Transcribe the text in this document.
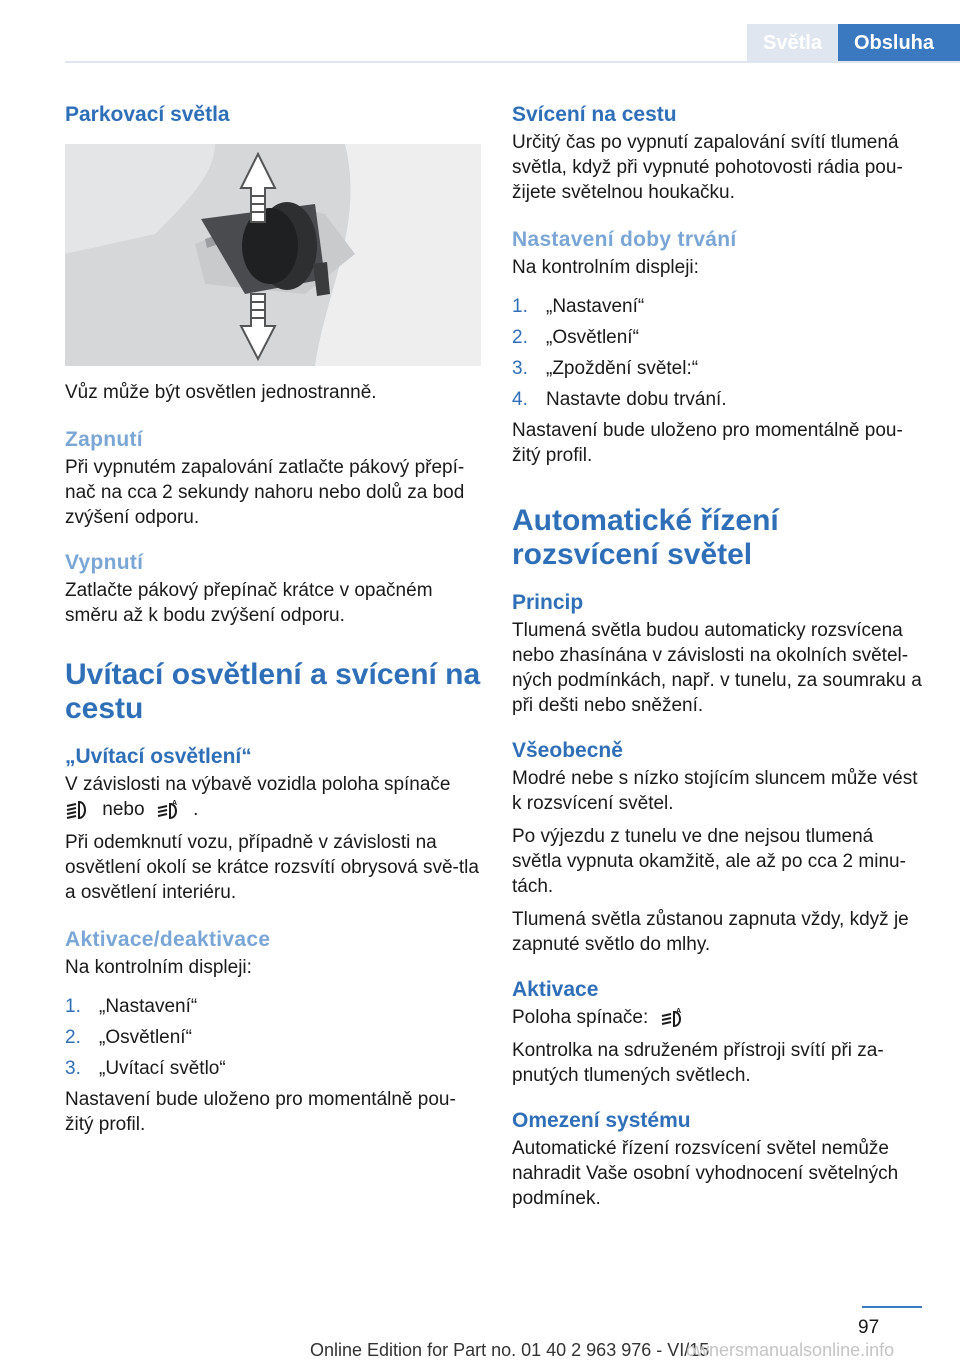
Světla	Obsluha
Parkovací světla

Vůz může být osvětlen jednostranně.

Zapnutí

Při vypnutém zapalování zatlačte pákový přepí‐nač na cca 2 sekundy nahoru nebo dolů za bod zvýšení odporu.

Vypnutí

Zatlačte pákový přepínač krátce v opačném směru až k bodu zvýšení odporu.

Uvítací osvětlení a svícení na cestu
„Uvítací osvětlení“

V závislosti na výbavě vozidla poloha spínače
nebo	A .

Při odemknutí vozu, případně v závislosti na osvětlení okolí se krátce rozsvítí obrysová svě‐tla a osvětlení interiéru.

Aktivace/deaktivace

Na kontrolním displeji:

1. „Nastavení“
2. „Osvětlení“
3. „Uvítací světlo“

Nastavení bude uloženo pro momentálně pou‐žitý profil.

Svícení na cestu

Určitý čas po vypnutí zapalování svítí tlumená světla, když při vypnuté pohotovosti rádia pou‐žijete světelnou houkačku.

Nastavení doby trvání

Na kontrolním displeji:

1. „Nastavení“
2. „Osvětlení“
3. „Zpoždění světel:“
4. Nastavte dobu trvání.

Nastavení bude uloženo pro momentálně pou‐žitý profil.

Automatické řízení rozsvícení světel
Princip

Tlumená světla budou automaticky rozsvícena nebo zhasínána v závislosti na okolních světel‐ných podmínkách, např. v tunelu, za soumraku a při dešti nebo sněžení.

Všeobecně

Modré nebe s nízko stojícím sluncem může vést k rozsvícení světel.

Po výjezdu z tunelu ve dne nejsou tlumená světla vypnuta okamžitě, ale až po cca 2 minu‐tách.

Tlumená světla zůstanou zapnuta vždy, když je zapnuté světlo do mlhy.

Aktivace

Poloha spínače:	A

Kontrolka na sdruženém přístroji svítí při za‐pnutých tlumených světlech.

Omezení systému

Automatické řízení rozsvícení světel nemůže nahradit Vaše osobní vyhodnocení světelných podmínek.

97
Online Edition for Part no. 01 40 2 963 976 - VI/15
ownersmanualsonline.info
